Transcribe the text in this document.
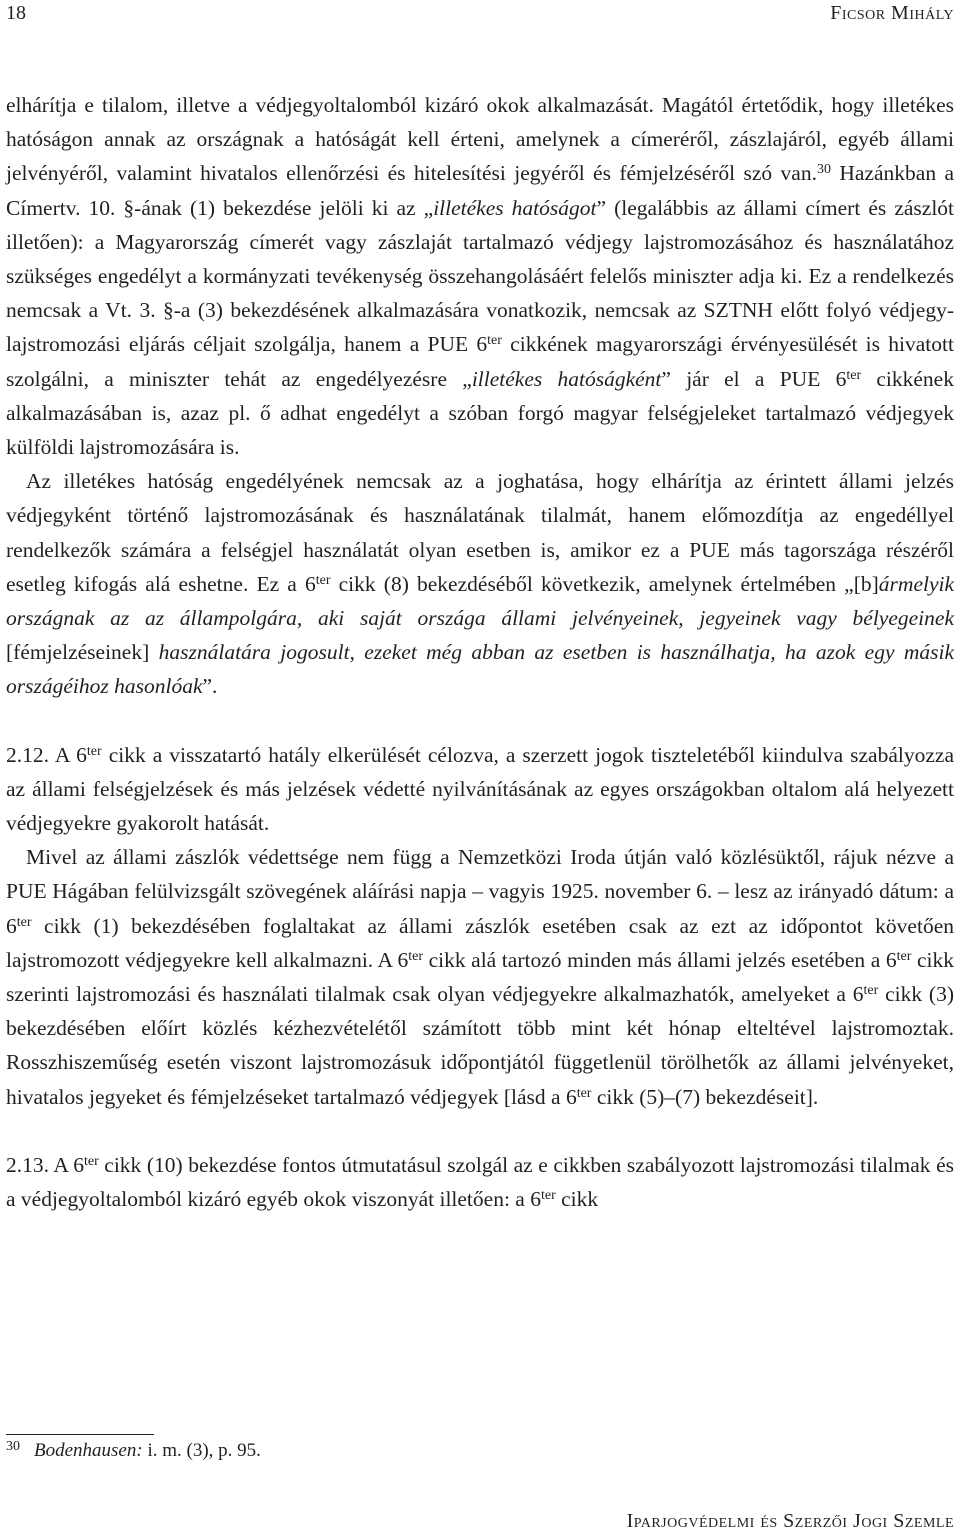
18	Ficsor Mihály

elhárítja e tilalom, illetve a védjegyoltalomból kizáró okok alkalmazását. Magától értetődik, hogy illetékes hatóságon annak az országnak a hatóságát kell érteni, amelynek a címeréről, zászlajáról, egyéb állami jelvényéről, valamint hivatalos ellenőrzési és hitelesítési jegyéről és fémjelzéséről szó van.$^{30}$ Hazánkban a Címertv. 10. §-ának (1) bekezdése jelöli ki az „illetékes hatóságot” (legalábbis az állami címert és zászlót illetően): a Magyarország címerét vagy zászlaját tartalmazó védjegy lajstromozásához és használatához szükséges engedélyt a kormányzati tevékenység összehangolásáért felelős miniszter adja ki. Ez a rendelkezés nemcsak a Vt. 3. §-a (3) bekezdésének alkalmazására vonatkozik, nemcsak az SZTNH előtt folyó védjegy-lajstromozási eljárás céljait szolgálja, hanem a PUE $6^{ter}$ cikkének magyarországi érvényesülését is hivatott szolgálni, a miniszter tehát az engedélyezésre „illetékes hatóságként” jár el a PUE $6^{ter}$ cikkének alkalmazásában is, azaz pl. ő adhat engedélyt a szóban forgó magyar felségjeleket tartalmazó védjegyek külföldi lajstromozására is.

Az illetékes hatóság engedélyének nemcsak az a joghatása, hogy elhárítja az érintett állami jelzés védjegyként történő lajstromozásának és használatának tilalmát, hanem előmozdítja az engedéllyel rendelkezők számára a felségjel használatát olyan esetben is, amikor ez a PUE más tagországa részéről esetleg kifogás alá eshetne. Ez a $6^{ter}$ cikk (8) bekezdéséből következik, amelynek értelmében „[b]ármelyik országnak az az állampolgára, aki saját országa állami jelvényeinek, jegyeinek vagy bélyegeinek [fémjelzéseinek] használatára jogosult, ezeket még abban az esetben is használhatja, ha azok egy másik országéihoz hasonlóak”.

2.12. A $6^{ter}$ cikk a visszatartó hatály elkerülését célozva, a szerzett jogok tiszteletéből kiindulva szabályozza az állami felségjelzések és más jelzések védetté nyilvánításának az egyes országokban oltalom alá helyezett védjegyekre gyakorolt hatását.

Mivel az állami zászlók védettsége nem függ a Nemzetközi Iroda útján való közlésüktől, rájuk nézve a PUE Hágában felülvizsgált szövegének aláírási napja – vagyis 1925. november 6. – lesz az irányadó dátum: a $6^{ter}$ cikk (1) bekezdésében foglaltakat az állami zászlók esetében csak az ezt az időpontot követően lajstromozott védjegyekre kell alkalmazni. A $6^{ter}$ cikk alá tartozó minden más állami jelzés esetében a $6^{ter}$ cikk szerinti lajstromozási és használati tilalmak csak olyan védjegyekre alkalmazhatók, amelyeket a $6^{ter}$ cikk (3) bekezdésében előírt közlés kézhezvételétől számított több mint két hónap elteltével lajstromoztak. Rosszhiszeműség esetén viszont lajstromozásuk időpontjától függetlenül törölhetők az állami jelvényeket, hivatalos jegyeket és fémjelzéseket tartalmazó védjegyek [lásd a $6^{ter}$ cikk (5)–(7) bekezdéseit].

2.13. A $6^{ter}$ cikk (10) bekezdése fontos útmutatásul szolgál az e cikkben szabályozott lajstromozási tilalmak és a védjegyoltalomból kizáró egyéb okok viszonyát illetően: a $6^{ter}$ cikk

30 Bodenhausen: i. m. (3), p. 95.
Iparjogvédelmi és Szerzői Jogi Szemle
